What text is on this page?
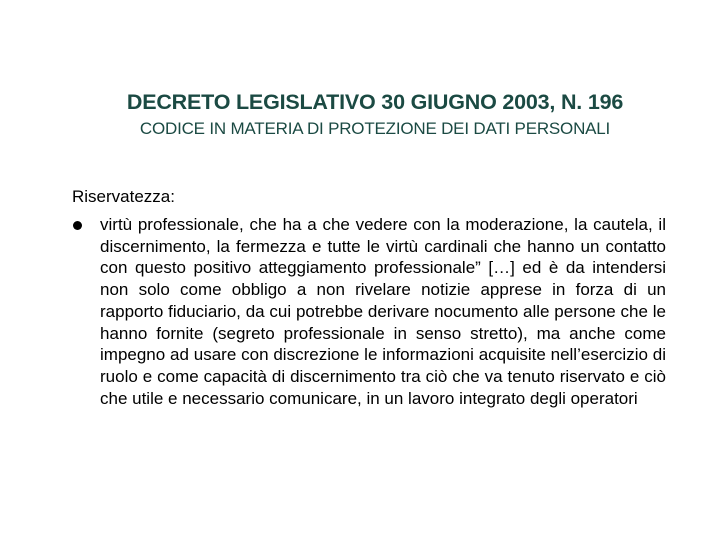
DECRETO LEGISLATIVO 30 GIUGNO 2003, N. 196
CODICE IN MATERIA DI PROTEZIONE DEI DATI PERSONALI
Riservatezza:

virtù professionale, che ha a che vedere con la moderazione, la cautela, il discernimento, la fermezza e tutte le virtù cardinali che hanno un contatto con questo positivo atteggiamento professionale” […] ed è da intendersi non solo come obbligo a non rivelare notizie apprese in forza di un rapporto fiduciario, da cui potrebbe derivare nocumento alle persone che le hanno fornite (segreto professionale in senso stretto), ma anche come impegno ad usare con discrezione le informazioni acquisite nell’esercizio di ruolo e come capacità di discernimento tra ciò che va tenuto riservato e ciò che utile e necessario comunicare, in un lavoro integrato degli operatori
